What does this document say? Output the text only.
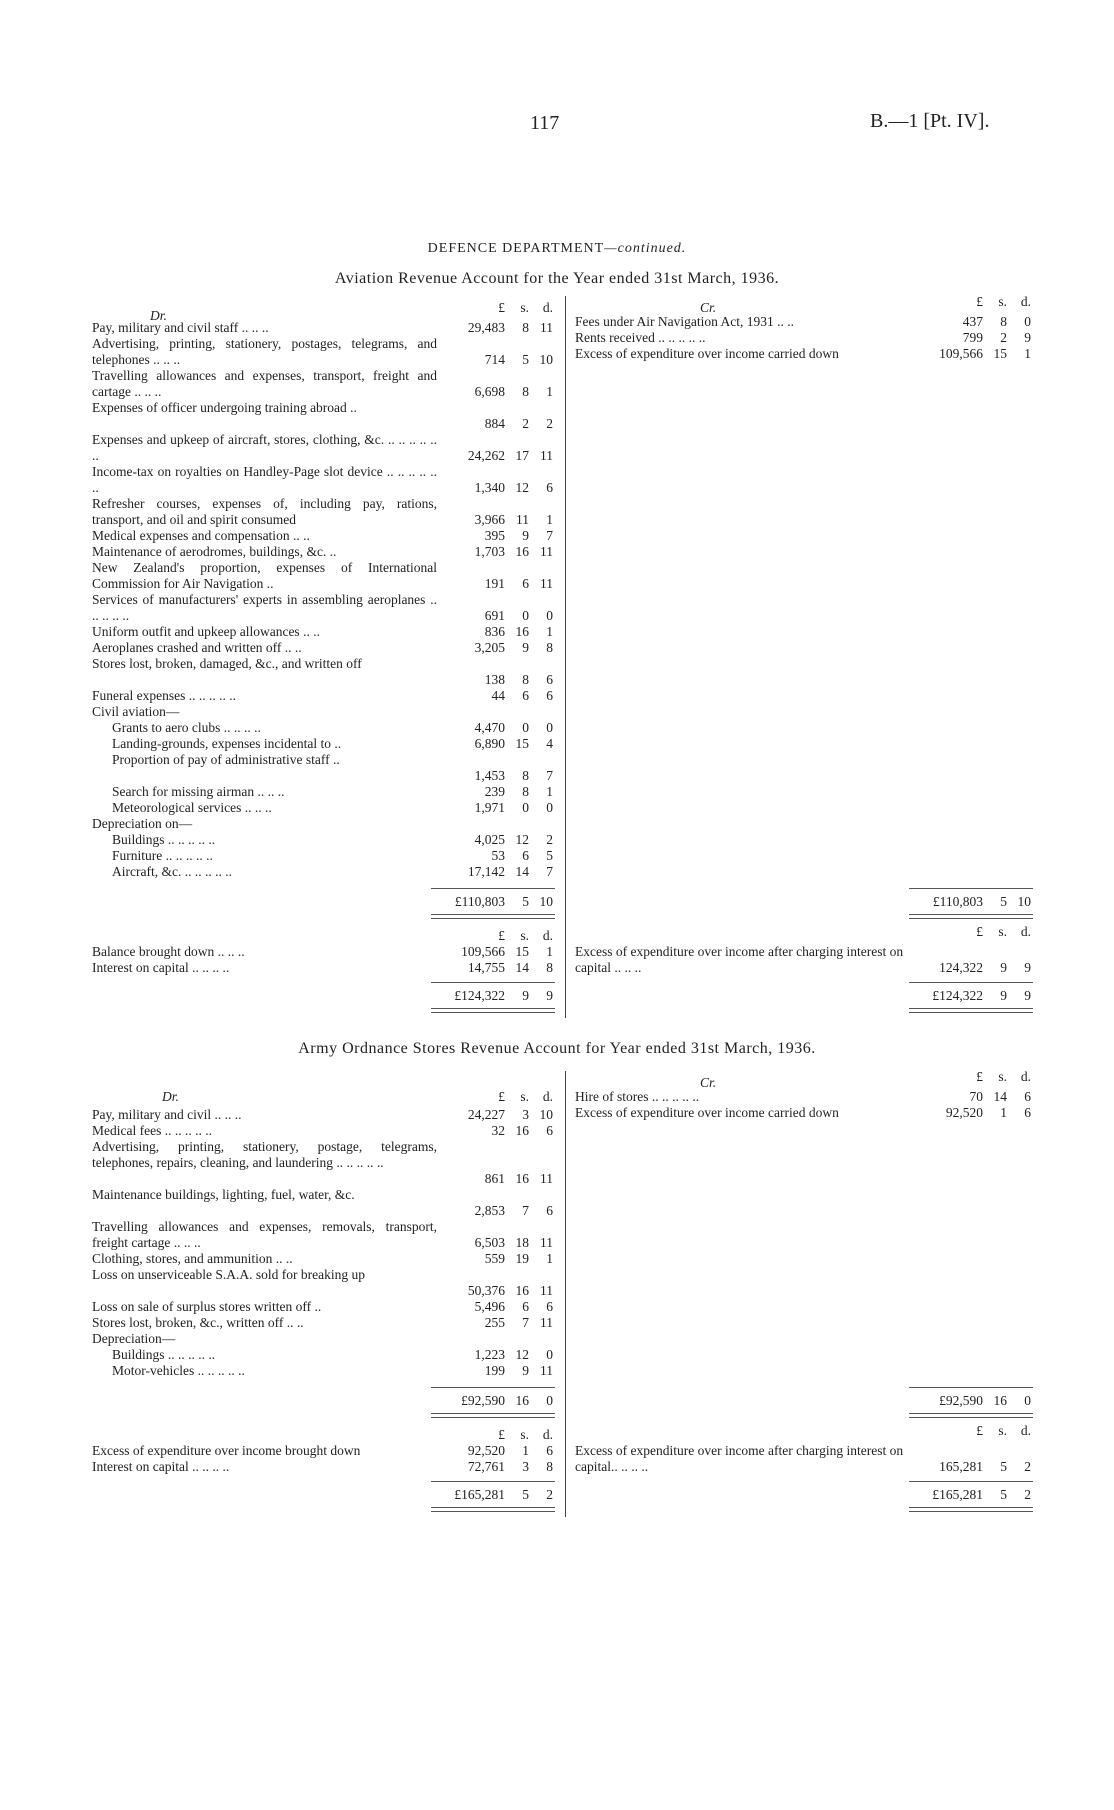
117	B.—1 [Pt. IV].
DEFENCE DEPARTMENT—continued.
Aviation Revenue Account for the Year ended 31st March, 1936.
Dr.
Cr.
£	s.	d.	£	s.	d.
Pay, military and civil staff .. .. ..	29,483	8 11
Advertising, printing, stationery, postages, telegrams, and telephones .. .. ..	714	5 10
Travelling allowances and expenses, transport, freight and cartage .. .. ..	6,698	8	1
Expenses of officer undergoing training abroad ..
884	2	2
Expenses and upkeep of aircraft, stores, clothing, &c. .. .. .. .. .. ..	24,262 17 11
Income-tax on royalties on Handley-Page slot device .. .. .. .. .. ..	1,340 12	6
Refresher courses, expenses of, including pay, rations, transport, and oil and spirit consumed	3,966 11	1
Medical expenses and compensation .. ..	395	9	7
Maintenance of aerodromes, buildings, &c. ..	1,703 16 11
New Zealand's proportion, expenses of International Commission for Air Navigation ..	191	6 11
Services of manufacturers' experts in assembling aeroplanes .. .. .. .. ..	691	0	0
Uniform outfit and upkeep allowances .. ..	836 16	1
Aeroplanes crashed and written off .. ..	3,205	9	8
Stores lost, broken, damaged, &c., and written off
138	8	6
Funeral expenses .. .. .. .. ..	44	6	6
Civil aviation—
Grants to aero clubs .. .. .. ..	4,470	0	0
Landing-grounds, expenses incidental to ..	6,890 15	4
Proportion of pay of administrative staff ..
1,453	8	7
Search for missing airman .. .. ..	239	8	1
Meteorological services .. .. ..	1,971	0	0
Depreciation on—
Buildings .. .. .. .. ..	4,025 12	2
Furniture .. .. .. .. ..	53	6	5
Aircraft, &c. .. .. .. .. ..	17,142 14	7
Fees under Air Navigation Act, 1931 .. ..	437	8	0
Rents received .. .. .. .. ..	799	2	9
Excess of expenditure over income carried down	109,566 15	1
£110,803	5 10	£110,803	5 10
£	s.	d.	£	s.	d.
Balance brought down .. .. ..	109,566 15	1
Interest on capital .. .. .. ..	14,755 14	8
Excess of expenditure over income after charging interest on capital .. .. ..	124,322	9	9
£124,322	9	9	£124,322	9	9
Army Ordnance Stores Revenue Account for Year ended 31st March, 1936.
Dr.
Cr.
£	s.	d.
£	s.	d.
Pay, military and civil .. .. ..	24,227	3 10
Medical fees .. .. .. .. ..	32 16	6
Advertising, printing, stationery, postage, telegrams, telephones, repairs, cleaning, and laundering .. .. .. .. ..
861 16 11
Maintenance buildings, lighting, fuel, water, &c.
2,853	7	6
Travelling allowances and expenses, removals, transport, freight cartage .. .. ..	6,503 18 11
Clothing, stores, and ammunition .. ..	559 19	1
Loss on unserviceable S.A.A. sold for breaking up
50,376 16 11
Loss on sale of surplus stores written off ..	5,496	6	6
Stores lost, broken, &c., written off .. ..	255	7 11
Depreciation—
Buildings .. .. .. .. ..	1,223 12	0
Motor-vehicles .. .. .. .. ..	199	9 11
Hire of stores .. .. .. .. ..	70 14	6
Excess of expenditure over income carried down	92,520	1	6
£92,590 16	0	£92,590 16	0
£	s.	d.	£	s.	d.
Excess of expenditure over income brought down	92,520	1	6
Interest on capital .. .. .. ..	72,761	3	8
Excess of expenditure over income after charging interest on capital.. .. .. ..	165,281	5	2
£165,281	5	2	£165,281	5	2
